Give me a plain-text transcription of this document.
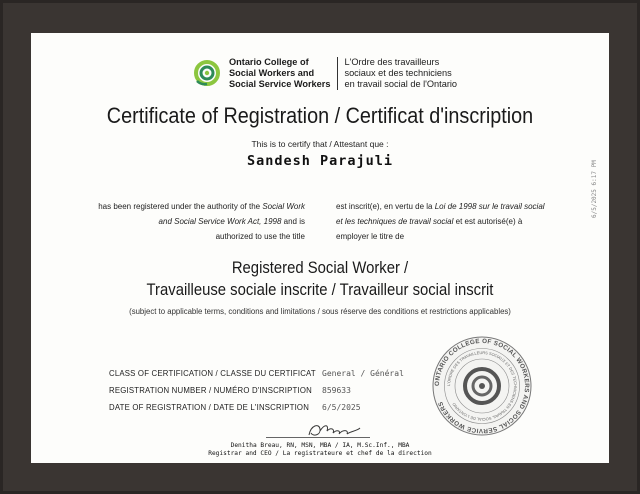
Ontario College of
Social Workers and
Social Service Workers
L'Ordre des travailleurs
sociaux et des techniciens
en travail social de l'Ontario
Certificate of Registration / Certificat d'inscription
This is to certify that / Attestant que :
Sandesh Parajuli
has been registered under the authority of the Social Work
and Social Service Work Act, 1998 and is
authorized to use the title
est inscrit(e), en vertu de la Loi de 1998 sur le travail social
et les techniques de travail social et est autorisé(e) à
employer le titre de
6/5/2025 6:17 PM
Registered Social Worker /
Travailleuse sociale inscrite / Travailleur social inscrit
(subject to applicable terms, conditions and limitations / sous réserve des conditions et restrictions applicables)
CLASS OF CERTIFICATION / CLASSE DU CERTIFICAT
REGISTRATION NUMBER / NUMÉRO D'INSCRIPTION
DATE OF REGISTRATION / DATE DE L'INSCRIPTION
General / Général
859633
6/5/2025
ONTARIO COLLEGE OF SOCIAL WORKERS AND SOCIAL SERVICE WORKERS
L'ORDRE DES TRAVAILLEURS SOCIAUX ET DES TECHNICIENS EN TRAVAIL SOCIAL DE L'ONTARIO
Denitha Breau, RN, MSN, MBA / IA, M.Sc.Inf., MBA
Registrar and CEO / La registrateure et chef de la direction
